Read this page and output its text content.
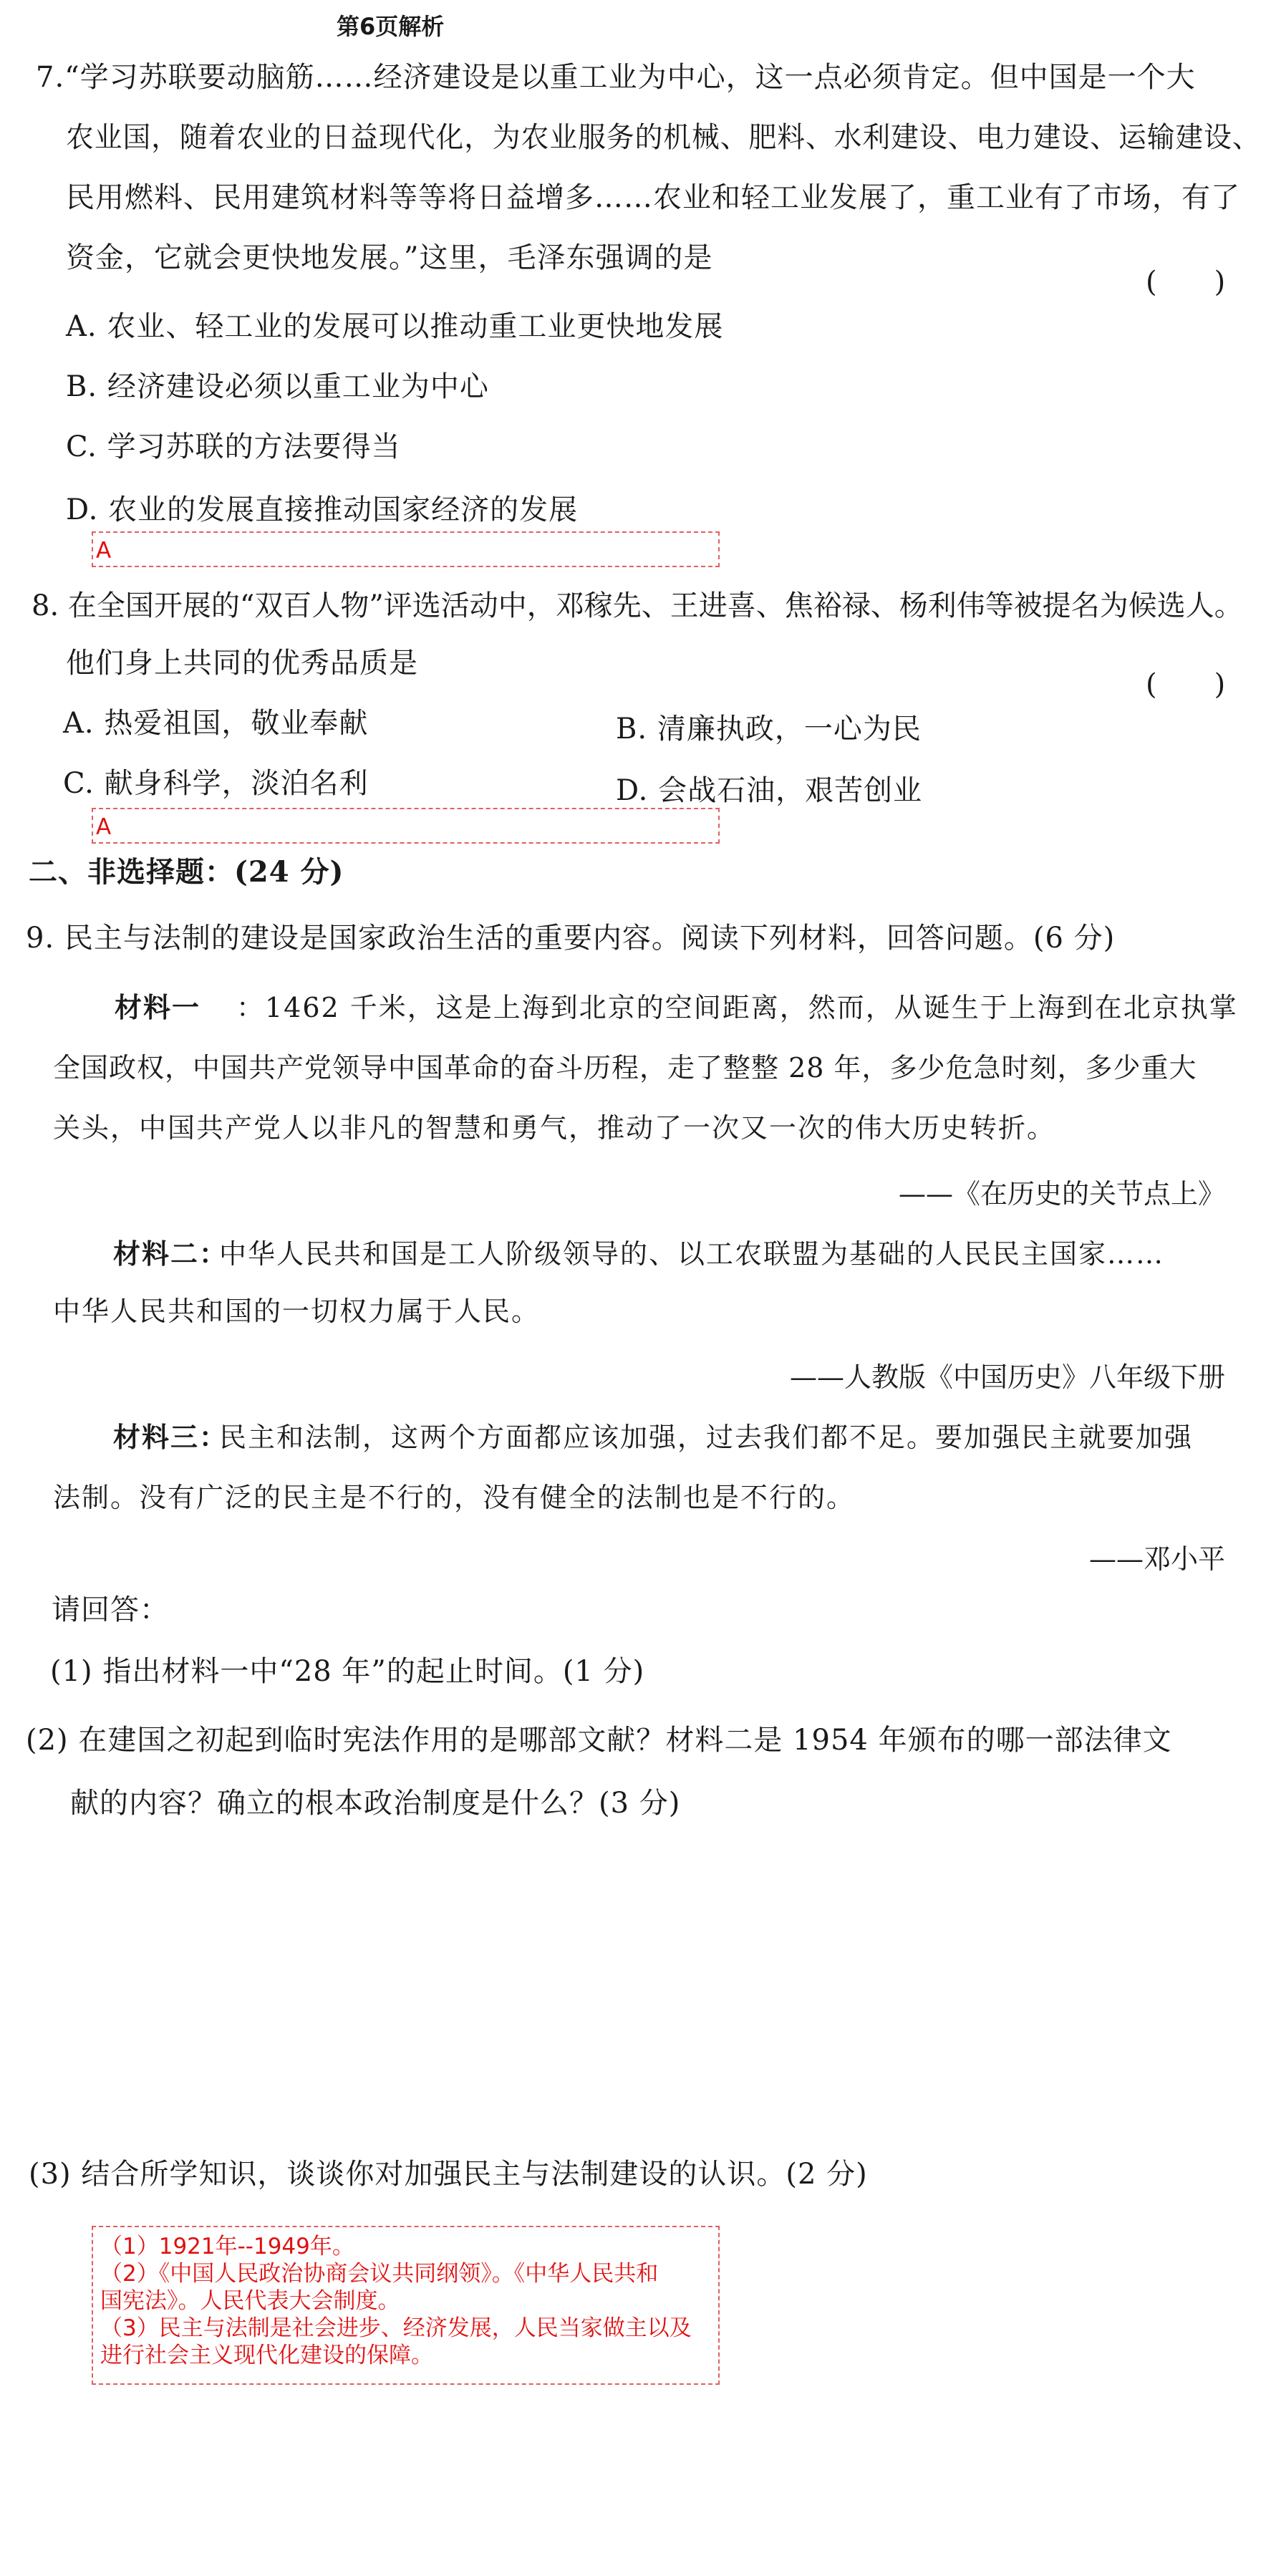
第6页解析
7.“学习苏联要动脑筋……经济建设是以重工业为中心，这一点必须肯定。但中国是一个大
农业国，随着农业的日益现代化，为农业服务的机械、肥料、水利建设、电力建设、运输建设、
民用燃料、民用建筑材料等等将日益增多……农业和轻工业发展了，重工业有了市场，有了
资金，它就会更快地发展。”这里，毛泽东强调的是
(　　)
A. 农业、轻工业的发展可以推动重工业更快地发展
B. 经济建设必须以重工业为中心
C. 学习苏联的方法要得当
D. 农业的发展直接推动国家经济的发展
A
8. 在全国开展的“双百人物”评选活动中，邓稼先、王进喜、焦裕禄、杨利伟等被提名为候选人。
他们身上共同的优秀品质是
(　　)
A. 热爱祖国，敬业奉献	B. 清廉执政，一心为民
C. 献身科学，淡泊名利	D. 会战石油，艰苦创业
A
二、非选择题：(24 分)
9. 民主与法制的建设是国家政治生活的重要内容。阅读下列材料，回答问题。(6 分)
材料一 ：1462 千米，这是上海到北京的空间距离，然而，从诞生于上海到在北京执掌
全国政权，中国共产党领导中国革命的奋斗历程，走了整整 28 年，多少危急时刻，多少重大
关头，中国共产党人以非凡的智慧和勇气，推动了一次又一次的伟大历史转折。
——《在历史的关节点上》
材料二：
中华人民共和国是工人阶级领导的、以工农联盟为基础的人民民主国家……
中华人民共和国的一切权力属于人民。
——人教版《中国历史》八年级下册
材料三：
民主和法制，这两个方面都应该加强，过去我们都不足。要加强民主就要加强
法制。没有广泛的民主是不行的，没有健全的法制也是不行的。
——邓小平
请回答：
(1) 指出材料一中“28 年”的起止时间。(1 分)
(2) 在建国之初起到临时宪法作用的是哪部文献？材料二是 1954 年颁布的哪一部法律文
献的内容？确立的根本政治制度是什么？(3 分)
(3) 结合所学知识，谈谈你对加强民主与法制建设的认识。(2 分)
（1）1921年--1949年。
（2）《中国人民政治协商会议共同纲领》。《中华人民共和
国宪法》。人民代表大会制度。
（3）民主与法制是社会进步、经济发展，人民当家做主以及
进行社会主义现代化建设的保障。
